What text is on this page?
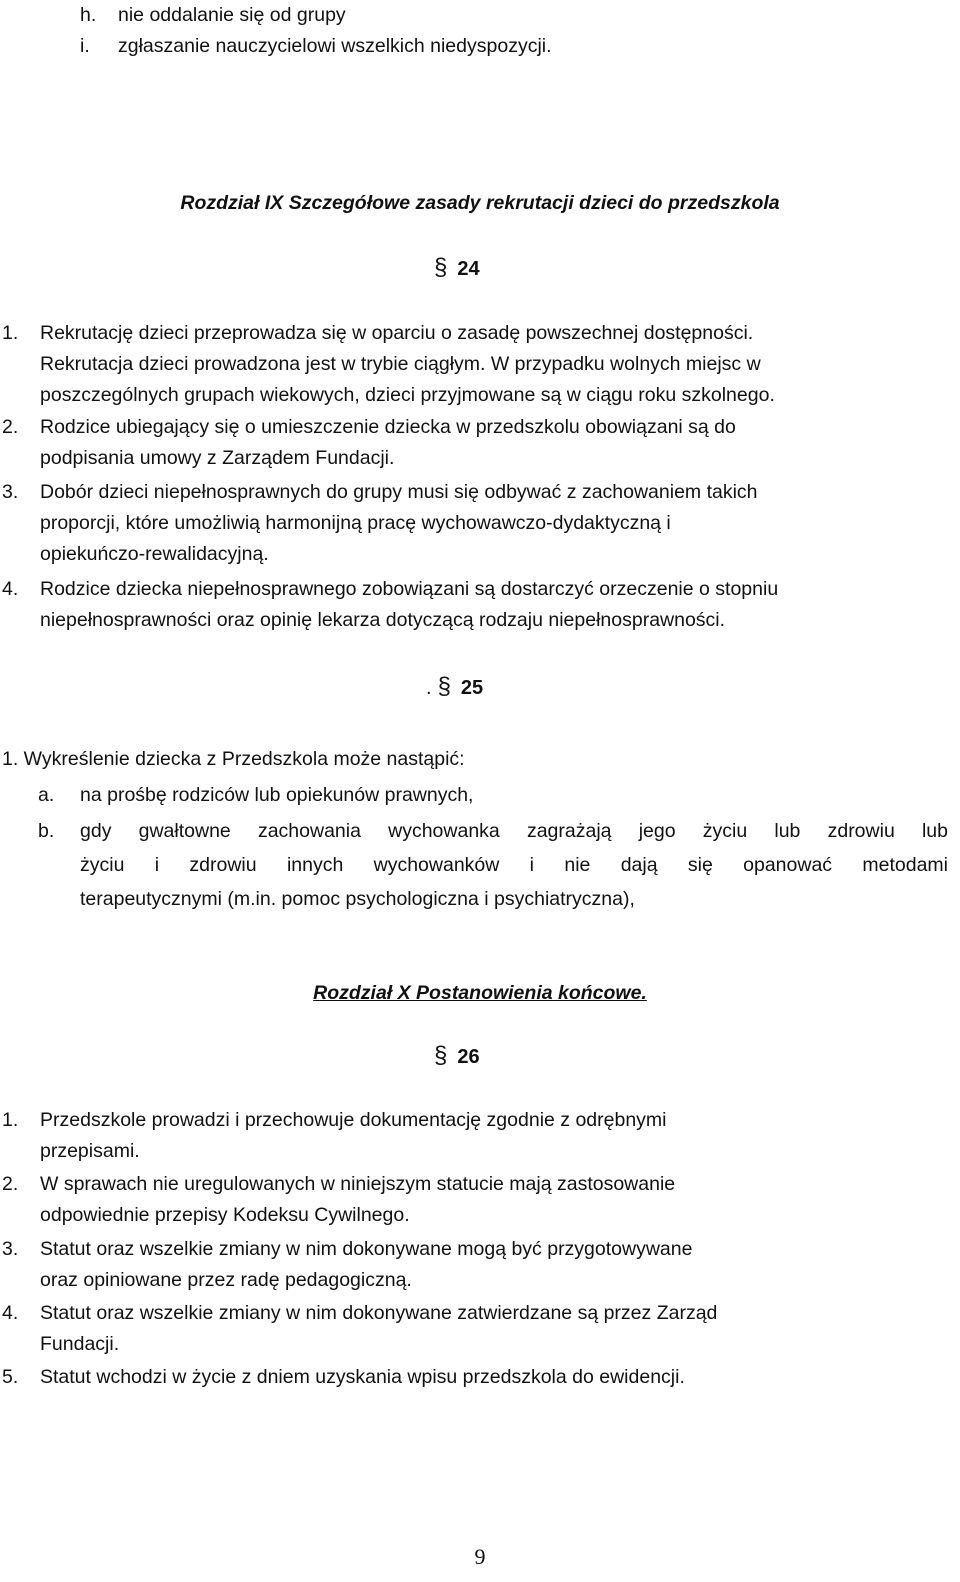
h. nie oddalanie się od grupy
i. zgłaszanie nauczycielowi wszelkich niedyspozycji.
Rozdział IX Szczegółowe zasady rekrutacji dzieci do przedszkola
§ 24
1. Rekrutację dzieci przeprowadza się w oparciu o zasadę powszechnej dostępności.
Rekrutacja dzieci prowadzona jest w trybie ciągłym. W przypadku wolnych miejsc w
poszczególnych grupach wiekowych, dzieci przyjmowane są w ciągu roku szkolnego.
2. Rodzice ubiegający się o umieszczenie dziecka w przedszkolu obowiązani są do
podpisania umowy z Zarządem Fundacji.
3. Dobór dzieci niepełnosprawnych do grupy musi się odbywać z zachowaniem takich
proporcji, które umożliwią harmonijną pracę wychowawczo-dydaktyczną i
opiekuńczo-rewalidacyjną.
4. Rodzice dziecka niepełnosprawnego zobowiązani są dostarczyć orzeczenie o stopniu
niepełnosprawności oraz opinię lekarza dotyczącą rodzaju niepełnosprawności.
. § 25
1. Wykreślenie dziecka z Przedszkola może nastąpić:
a. na prośbę rodziców lub opiekunów prawnych,
b. gdy gwałtowne zachowania wychowanka zagrażają jego życiu lub zdrowiu lub
życiu i zdrowiu innych wychowanków i nie dają się opanować metodami
terapeutycznymi (m.in. pomoc psychologiczna i psychiatryczna),
Rozdział X Postanowienia końcowe.
§ 26
1. Przedszkole prowadzi i przechowuje dokumentację zgodnie z odrębnymi
przepisami.
2. W sprawach nie uregulowanych w niniejszym statucie mają zastosowanie
odpowiednie przepisy Kodeksu Cywilnego.
3. Statut oraz wszelkie zmiany w nim dokonywane mogą być przygotowywane
oraz opiniowane przez radę pedagogiczną.
4. Statut oraz wszelkie zmiany w nim dokonywane zatwierdzane są przez Zarząd
Fundacji.
5. Statut wchodzi w życie z dniem uzyskania wpisu przedszkola do ewidencji.
9
